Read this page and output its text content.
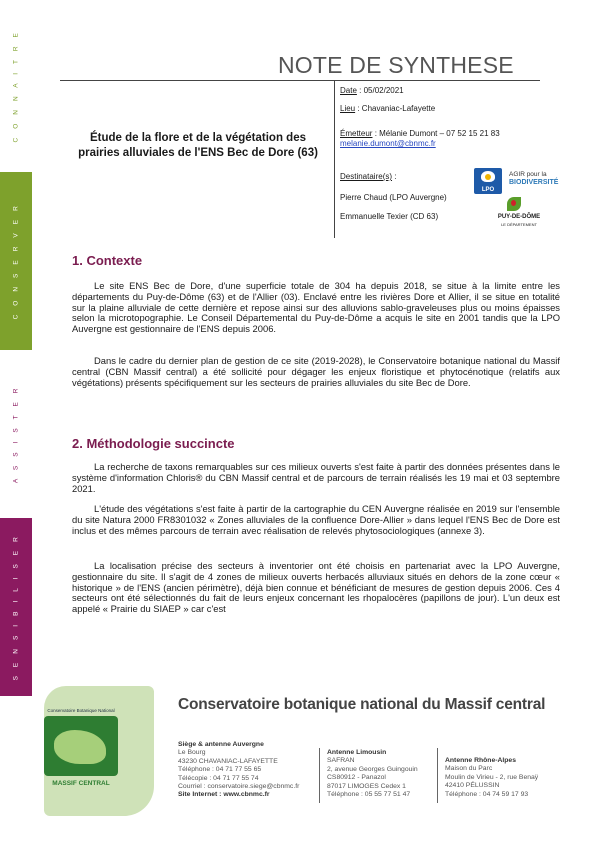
C O N N A I T R E
C O N S E R V E R
A S S I S T E R
S E N S I B I L I S E R
NOTE DE SYNTHESE
Étude de la flore et de la végétation des prairies alluviales de l'ENS Bec de Dore (63)
Date : 05/02/2021
Lieu : Chavaniac-Lafayette
Émetteur : Mélanie Dumont – 07 52 15 21 83
melanie.dumont@cbnmc.fr
Destinataire(s) :
Pierre Chaud (LPO Auvergne)
Emmanuelle Texier (CD 63)
LPO
AGIR pour la
BIODIVERSITÉ
PUY-DE-DÔME
LE DÉPARTEMENT
1. Contexte
Le site ENS Bec de Dore, d'une superficie totale de 304 ha depuis 2018, se situe à la limite entre les départements du Puy-de-Dôme (63) et de l'Allier (03). Enclavé entre les rivières Dore et Allier, il se situe en totalité sur la plaine alluviale de cette dernière et repose ainsi sur des alluvions sablo-graveleuses plus ou moins épaisses selon la microtopographie. Le Conseil Départemental du Puy-de-Dôme a acquis le site en 2001 tandis que la LPO Auvergne est gestionnaire de l'ENS depuis 2006.
Dans le cadre du dernier plan de gestion de ce site (2019-2028), le Conservatoire botanique national du Massif central (CBN Massif central) a été sollicité pour dégager les enjeux floristique et phytocénotique (relatifs aux végétations) présents spécifiquement sur les secteurs de prairies alluviales du site Bec de Dore.
2. Méthodologie succincte
La recherche de taxons remarquables sur ces milieux ouverts s'est faite à partir des données présentes dans le système d'information Chloris® du CBN Massif central et de parcours de terrain réalisés les 19 mai et 03 septembre 2021.
L'étude des végétations s'est faite à partir de la cartographie du CEN Auvergne réalisée en 2019 sur l'ensemble du site Natura 2000 FR8301032 « Zones alluviales de la confluence Dore-Allier » dans lequel l'ENS Bec de Dore est inclus et des mêmes parcours de terrain avec réalisation de relevés phytosociologiques (annexe 3).
La localisation précise des secteurs à inventorier ont été choisis en partenariat avec la LPO Auvergne, gestionnaire du site. Il s'agit de 4 zones de milieux ouverts herbacés alluviaux situés en dehors de la zone cœur « historique » de l'ENS (ancien périmètre), déjà bien connue et bénéficiant de mesures de gestion depuis 2006. Ces 4 secteurs ont été sélectionnés du fait de leurs enjeux concernant les rhopalocères (papillons de jour). L'un deux est appelé « Prairie du SIAEP » car c'est
Conservatoire Botanique National
MASSIF CENTRAL
Conservatoire botanique national du Massif central
Siège & antenne Auvergne
Le Bourg
43230 CHAVANIAC-LAFAYETTE
Téléphone : 04 71 77 55 65
Télécopie : 04 71 77 55 74
Courriel : conservatoire.siege@cbnmc.fr
Site Internet : www.cbnmc.fr
Antenne Limousin
SAFRAN
2, avenue Georges Guingouin
CS80912 - Panazol
87017 LIMOGES Cedex 1
Téléphone : 05 55 77 51 47
Antenne Rhône-Alpes
Maison du Parc
Moulin de Virieu - 2, rue Benaÿ
42410 PÉLUSSIN
Téléphone : 04 74 59 17 93
